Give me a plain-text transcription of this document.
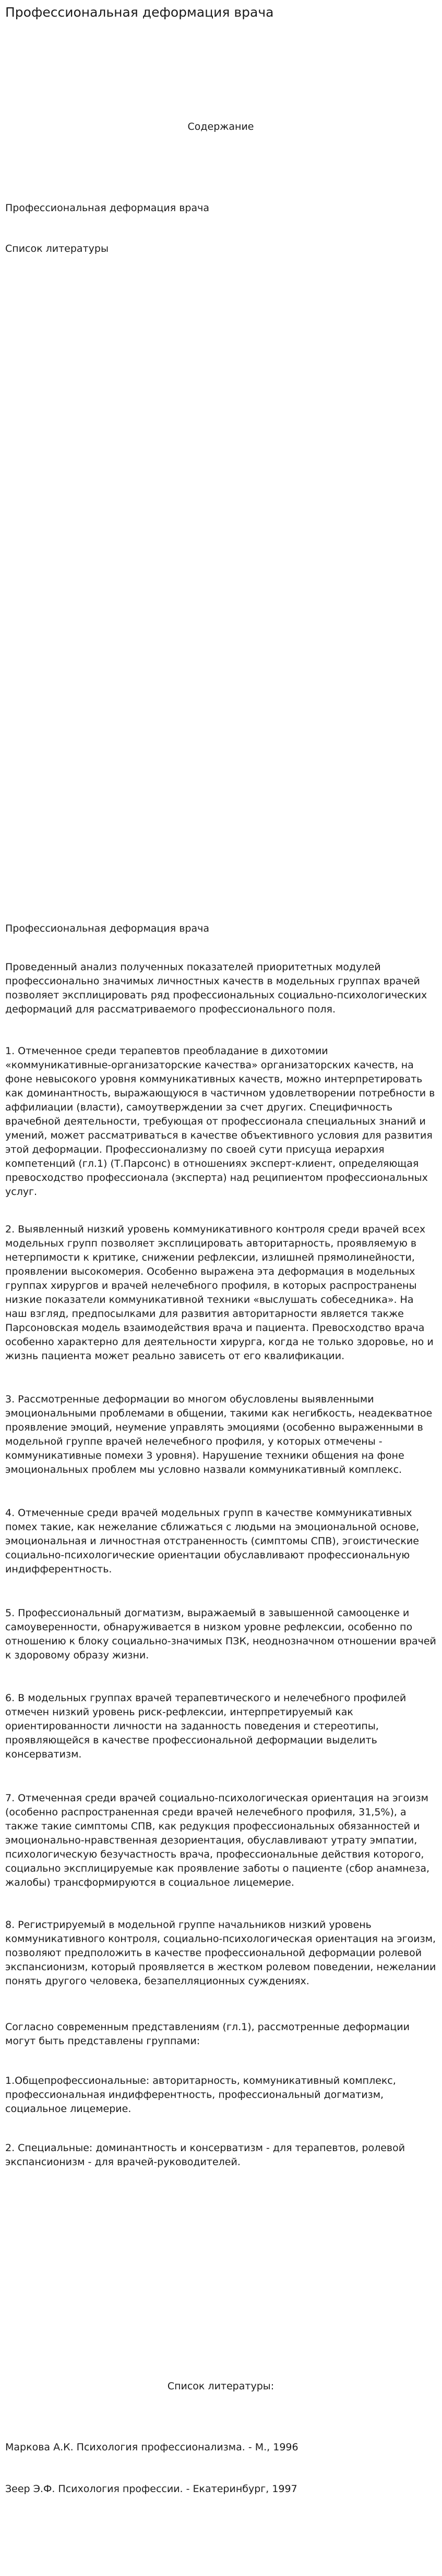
Профессиональная деформация врача

Содержание

Профессиональная деформация врача

Список литературы

Профессиональная деформация врача

Проведенный анализ полученных показателей приоритетных модулей профессионально значимых личностных качеств в модельных группах врачей позволяет эксплицировать ряд профессиональных социально-психологических деформаций для рассматриваемого профессионального поля.

1. Отмеченное среди терапевтов преобладание в дихотомии «коммуникативные-организаторские качества» организаторских качеств, на фоне невысокого уровня коммуникативных качеств, можно интерпретировать как доминантность, выражающуюся в частичном удовлетворении потребности в аффилиации (власти), самоутверждении за счет других. Специфичность врачебной деятельности, требующая от профессионала специальных знаний и умений, может рассматриваться в качестве объективного условия для развития этой деформации. Профессионализму по своей сути присуща иерархия компетенций (гл.1) (Т.Парсонс) в отношениях эксперт-клиент, определяющая превосходство профессионала (эксперта) над реципиентом профессиональных услуг.

2. Выявленный низкий уровень коммуникативного контроля среди врачей всех модельных групп позволяет эксплицировать авторитарность, проявляемую в нетерпимости к критике, снижении рефлексии, излишней прямолинейности, проявлении высокомерия. Особенно выражена эта деформация в модельных группах хирургов и врачей нелечебного профиля, в которых распространены низкие показатели коммуникативной техники «выслушать собеседника». На наш взгляд, предпосылками для развития авторитарности является также Парсоновская модель взаимодействия врача и пациента. Превосходство врача особенно характерно для деятельности хирурга, когда не только здоровье, но и жизнь пациента может реально зависеть от его квалификации.

3. Рассмотренные деформации во многом обусловлены выявленными эмоциональными проблемами в общении, такими как негибкость, неадекватное проявление эмоций, неумение управлять эмоциями (особенно выраженными в модельной группе врачей нелечебного профиля, у которых отмечены - коммуникативные помехи 3 уровня). Нарушение техники общения на фоне эмоциональных проблем мы условно назвали коммуникативный комплекс.

4. Отмеченные среди врачей модельных групп в качестве коммуникативных помех такие, как нежелание сближаться с людьми на эмоциональной основе, эмоциональная и личностная отстраненность (симптомы СПВ), эгоистические социально-психологические ориентации обуславливают профессиональную индифферентность.

5. Профессиональный догматизм, выражаемый в завышенной самооценке и самоуверенности, обнаруживается в низком уровне рефлексии, особенно по отношению к блоку социально-значимых ПЗК, неоднозначном отношении врачей к здоровому образу жизни.

6. В модельных группах врачей терапевтического и нелечебного профилей отмечен низкий уровень риск-рефлексии, интерпретируемый как ориентированности личности на заданность поведения и стереотипы, проявляющейся в качестве профессиональной деформации выделить консерватизм.

7. Отмеченная среди врачей социально-психологическая ориентация на эгоизм (особенно распространенная среди врачей нелечебного профиля, 31,5%), а также такие симптомы СПВ, как редукция профессиональных обязанностей и эмоционально-нравственная дезориентация, обуславливают утрату эмпатии, психологическую безучастность врача, профессиональные действия которого, социально эксплицируемые как проявление заботы о пациенте (сбор анамнеза, жалобы) трансформируются в социальное лицемерие.

8. Регистрируемый в модельной группе начальников низкий уровень коммуникативного контроля, социально-психологическая ориентация на эгоизм, позволяют предположить в качестве профессиональной деформации ролевой экспансионизм, который проявляется в жестком ролевом поведении, нежелании понять другого человека, безапелляционных суждениях.

Согласно современным представлениям (гл.1), рассмотренные деформации могут быть представлены группами:

1.Общепрофессиональные: авторитарность, коммуникативный комплекс, профессиональная индифферентность, профессиональный догматизм, социальное лицемерие.

2. Специальные: доминантность и консерватизм - для терапевтов, ролевой экспансионизм - для врачей-руководителей.

Список литературы:

Маркова А.К. Психология профессионализма. - М., 1996

Зеер Э.Ф. Психология профессии. - Екатеринбург, 1997
